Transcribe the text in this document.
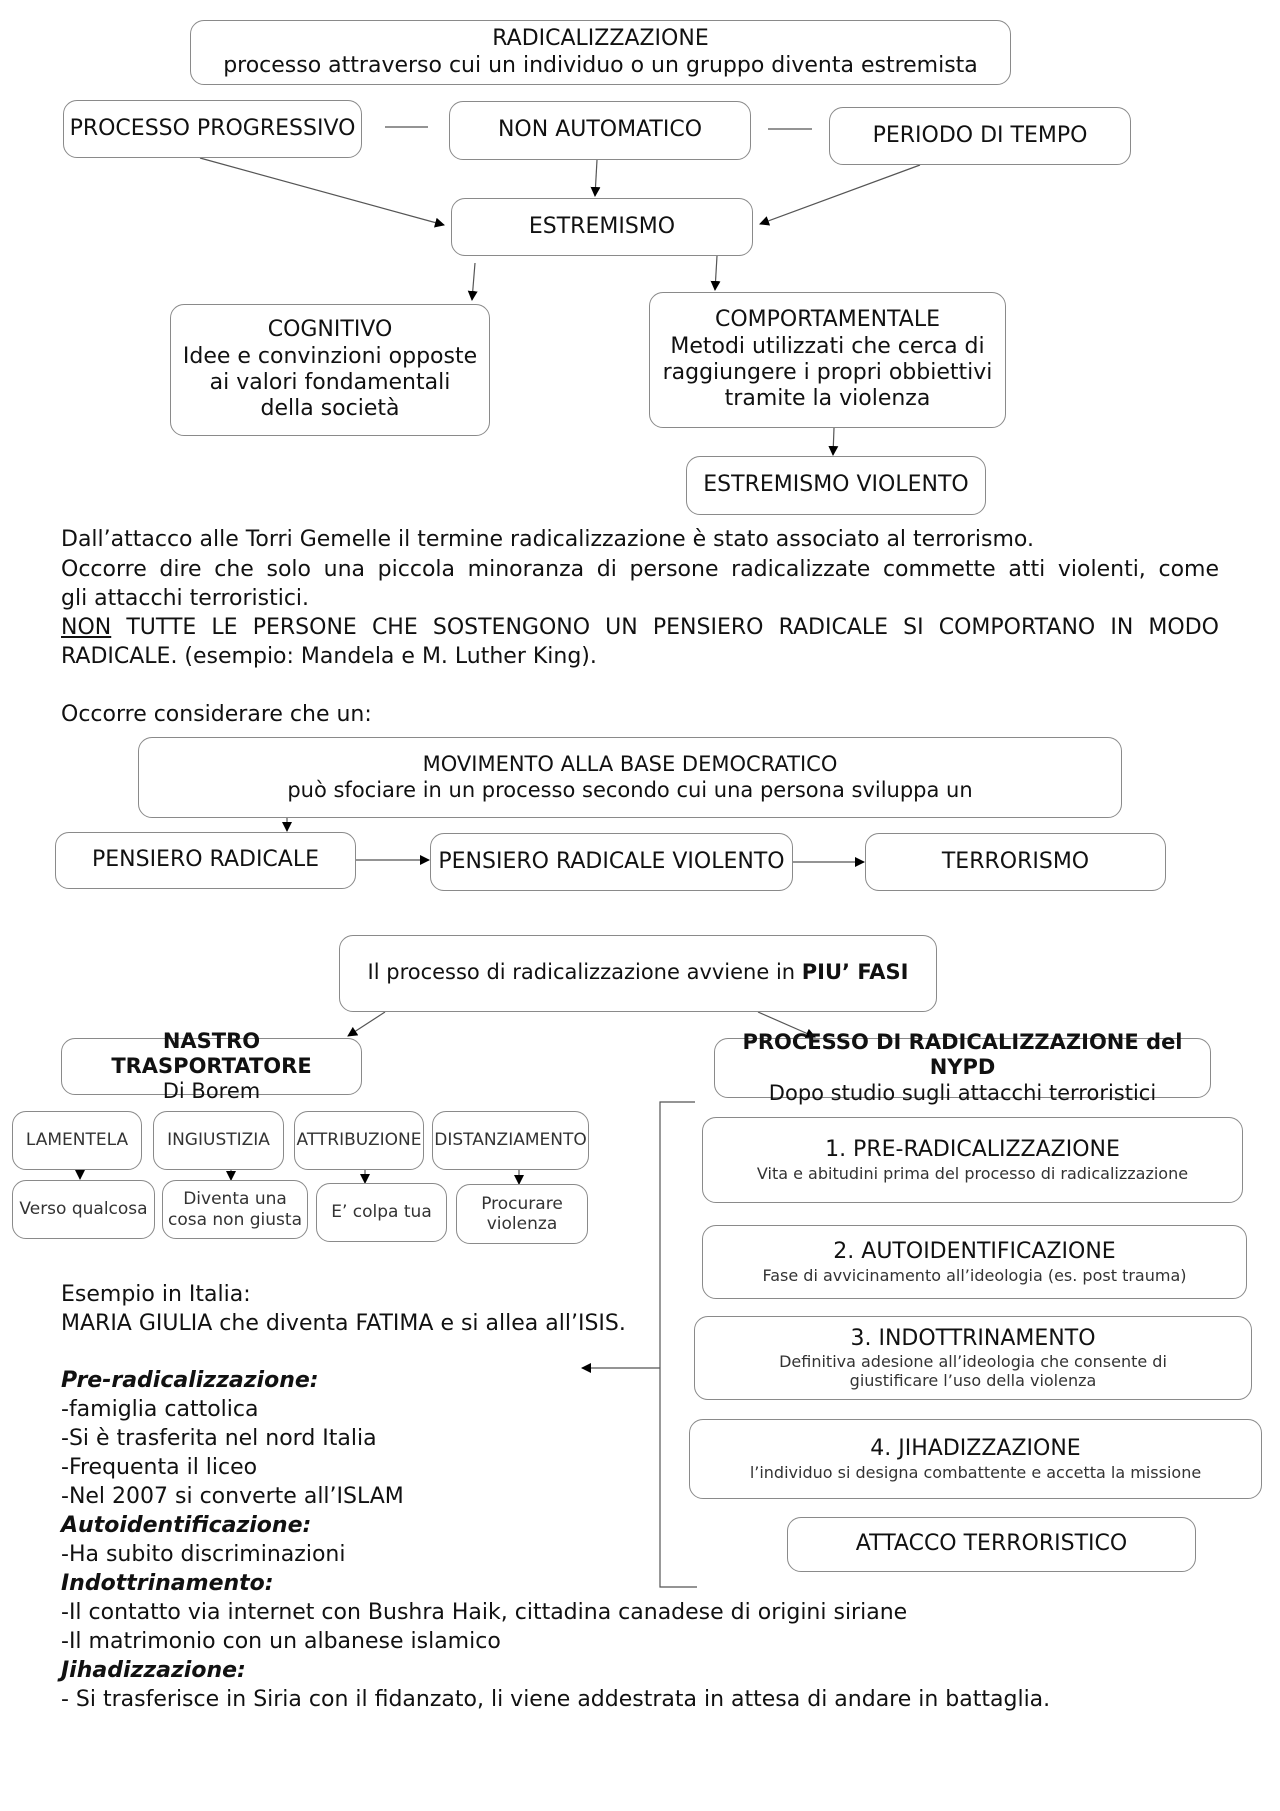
RADICALIZZAZIONE
processo attraverso cui un individuo o un gruppo diventa estremista
PROCESSO PROGRESSIVO	NON AUTOMATICO	PERIODO DI TEMPO
ESTREMISMO
COGNITIVO
Idee e convinzioni opposte
ai valori fondamentali
della società
COMPORTAMENTALE
Metodi utilizzati che cerca di
raggiungere i propri obbiettivi
tramite la violenza
ESTREMISMO VIOLENTO
Dall’attacco alle Torri Gemelle il termine radicalizzazione è stato associato al terrorismo.
Occorre dire che solo una piccola minoranza di persone radicalizzate commette atti violenti, come
gli attacchi terroristici.
NON TUTTE LE PERSONE CHE SOSTENGONO UN PENSIERO RADICALE SI COMPORTANO IN MODO
RADICALE. (esempio: Mandela e M. Luther King).
Occorre considerare che un:
MOVIMENTO ALLA BASE DEMOCRATICO
può sfociare in un processo secondo cui una persona sviluppa un
PENSIERO RADICALE	PENSIERO RADICALE VIOLENTO	TERRORISMO
Il processo di radicalizzazione avviene in PIU’ FASI
NASTRO TRASPORTATORE
Di Borem
PROCESSO DI RADICALIZZAZIONE del NYPD
Dopo studio sugli attacchi terroristici
LAMENTELA INGIUSTIZIA ATTRIBUZIONE DISTANZIAMENTO
Verso qualcosa
Diventa una
cosa non giusta E’ colpa tua	Procurare
violenza
1. PRE-RADICALIZZAZIONE
Vita e abitudini prima del processo di radicalizzazione
2. AUTOIDENTIFICAZIONE
Fase di avvicinamento all’ideologia (es. post trauma)
3. INDOTTRINAMENTO
Definitiva adesione all’ideologia che consente di
giustificare l’uso della violenza
4. JIHADIZZAZIONE
l’individuo si designa combattente e accetta la missione
ATTACCO TERRORISTICO
Esempio in Italia:
MARIA GIULIA che diventa FATIMA e si allea all’ISIS.
Pre-radicalizzazione:
-famiglia cattolica
-Si è trasferita nel nord Italia
-Frequenta il liceo
-Nel 2007 si converte all’ISLAM
Autoidentificazione:
-Ha subito discriminazioni
Indottrinamento:
-Il contatto via internet con Bushra Haik, cittadina canadese di origini siriane
-Il matrimonio con un albanese islamico
Jihadizzazione:
- Si trasferisce in Siria con il fidanzato, li viene addestrata in attesa di andare in battaglia.
